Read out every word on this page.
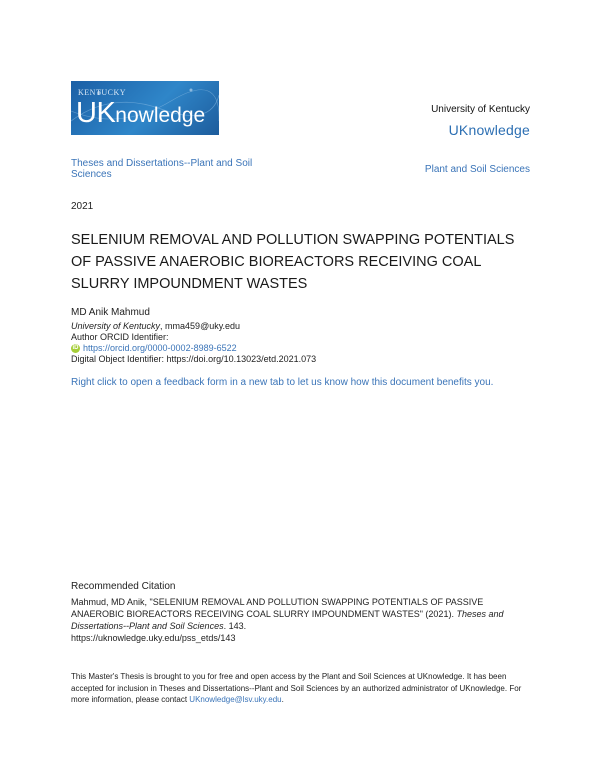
KENTUCKY
UKnowledge	University of Kentucky
UKnowledge
Theses and Dissertations--Plant and Soil Sciences	Plant and Soil Sciences
2021
SELENIUM REMOVAL AND POLLUTION SWAPPING POTENTIALS OF PASSIVE ANAEROBIC BIOREACTORS RECEIVING COAL SLURRY IMPOUNDMENT WASTES
MD Anik Mahmud
University of Kentucky, mma459@uky.edu
Author ORCID Identifier:
iD https://orcid.org/0000-0002-8989-6522
Digital Object Identifier: https://doi.org/10.13023/etd.2021.073
Right click to open a feedback form in a new tab to let us know how this document benefits you.
Recommended Citation
Mahmud, MD Anik, "SELENIUM REMOVAL AND POLLUTION SWAPPING POTENTIALS OF PASSIVE ANAEROBIC BIOREACTORS RECEIVING COAL SLURRY IMPOUNDMENT WASTES" (2021). Theses and Dissertations--Plant and Soil Sciences. 143.
https://uknowledge.uky.edu/pss_etds/143
This Master's Thesis is brought to you for free and open access by the Plant and Soil Sciences at UKnowledge. It has been accepted for inclusion in Theses and Dissertations--Plant and Soil Sciences by an authorized administrator of UKnowledge. For more information, please contact UKnowledge@lsv.uky.edu.
